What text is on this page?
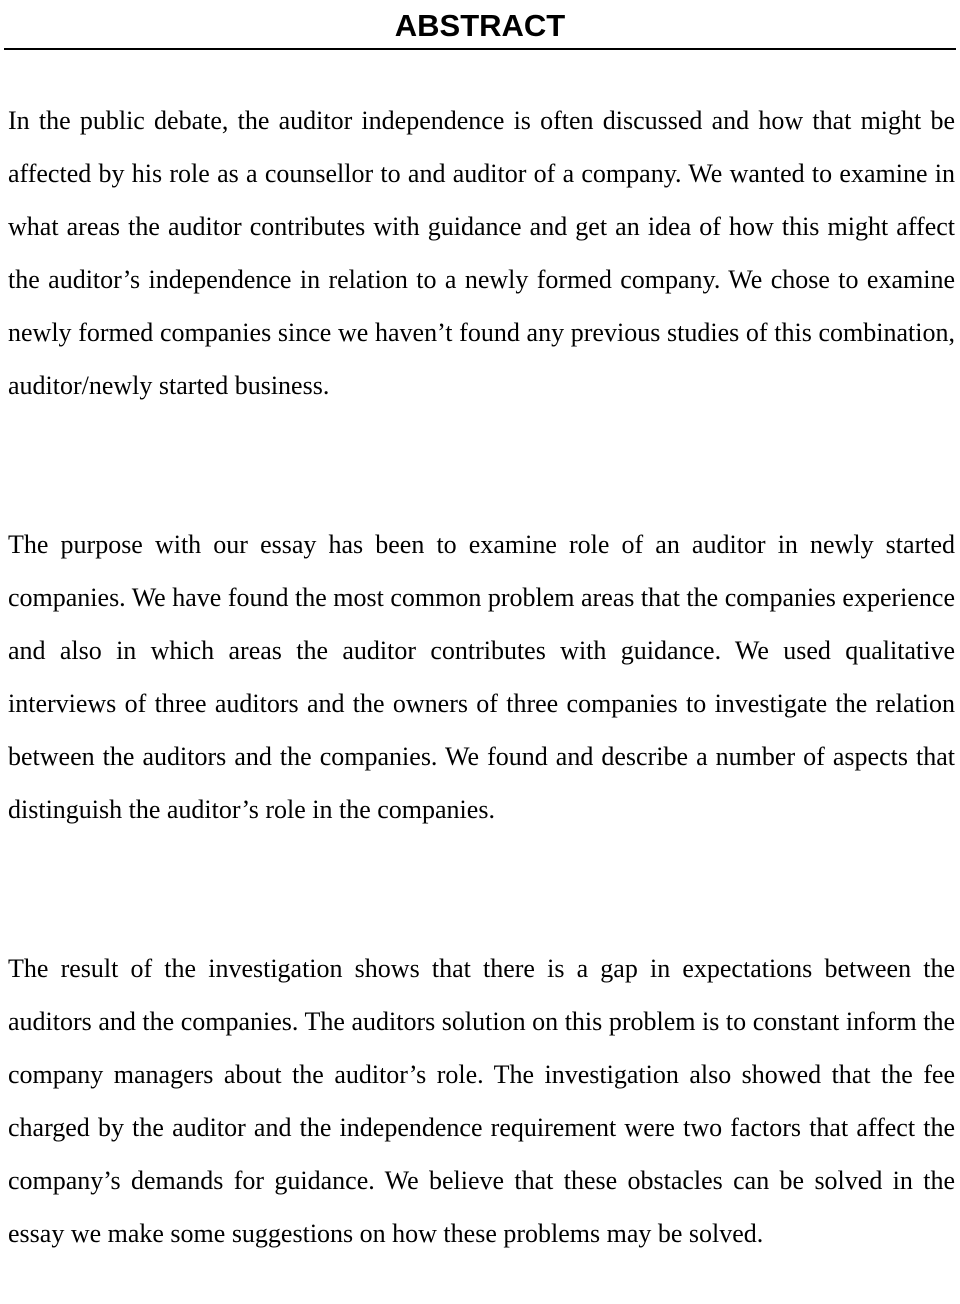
ABSTRACT

In the public debate, the auditor independence is often discussed and how that might be affected by his role as a counsellor to and auditor of a company. We wanted to examine in what areas the auditor contributes with guidance and get an idea of how this might affect the auditor’s independence in relation to a newly formed company. We chose to examine newly formed companies since we haven’t found any previous studies of this combination, auditor/newly started business.

The purpose with our essay has been to examine role of an auditor in newly started companies. We have found the most common problem areas that the companies experience and also in which areas the auditor contributes with guidance. We used qualitative interviews of three auditors and the owners of three companies to investigate the relation between the auditors and the companies. We found and describe a number of aspects that distinguish the auditor’s role in the companies.

The result of the investigation shows that there is a gap in expectations between the auditors and the companies. The auditors solution on this problem is to constant inform the company managers about the auditor’s role. The investigation also showed that the fee charged by the auditor and the independence requirement were two factors that affect the company’s demands for guidance. We believe that these obstacles can be solved in the essay we make some suggestions on how these problems may be solved.
